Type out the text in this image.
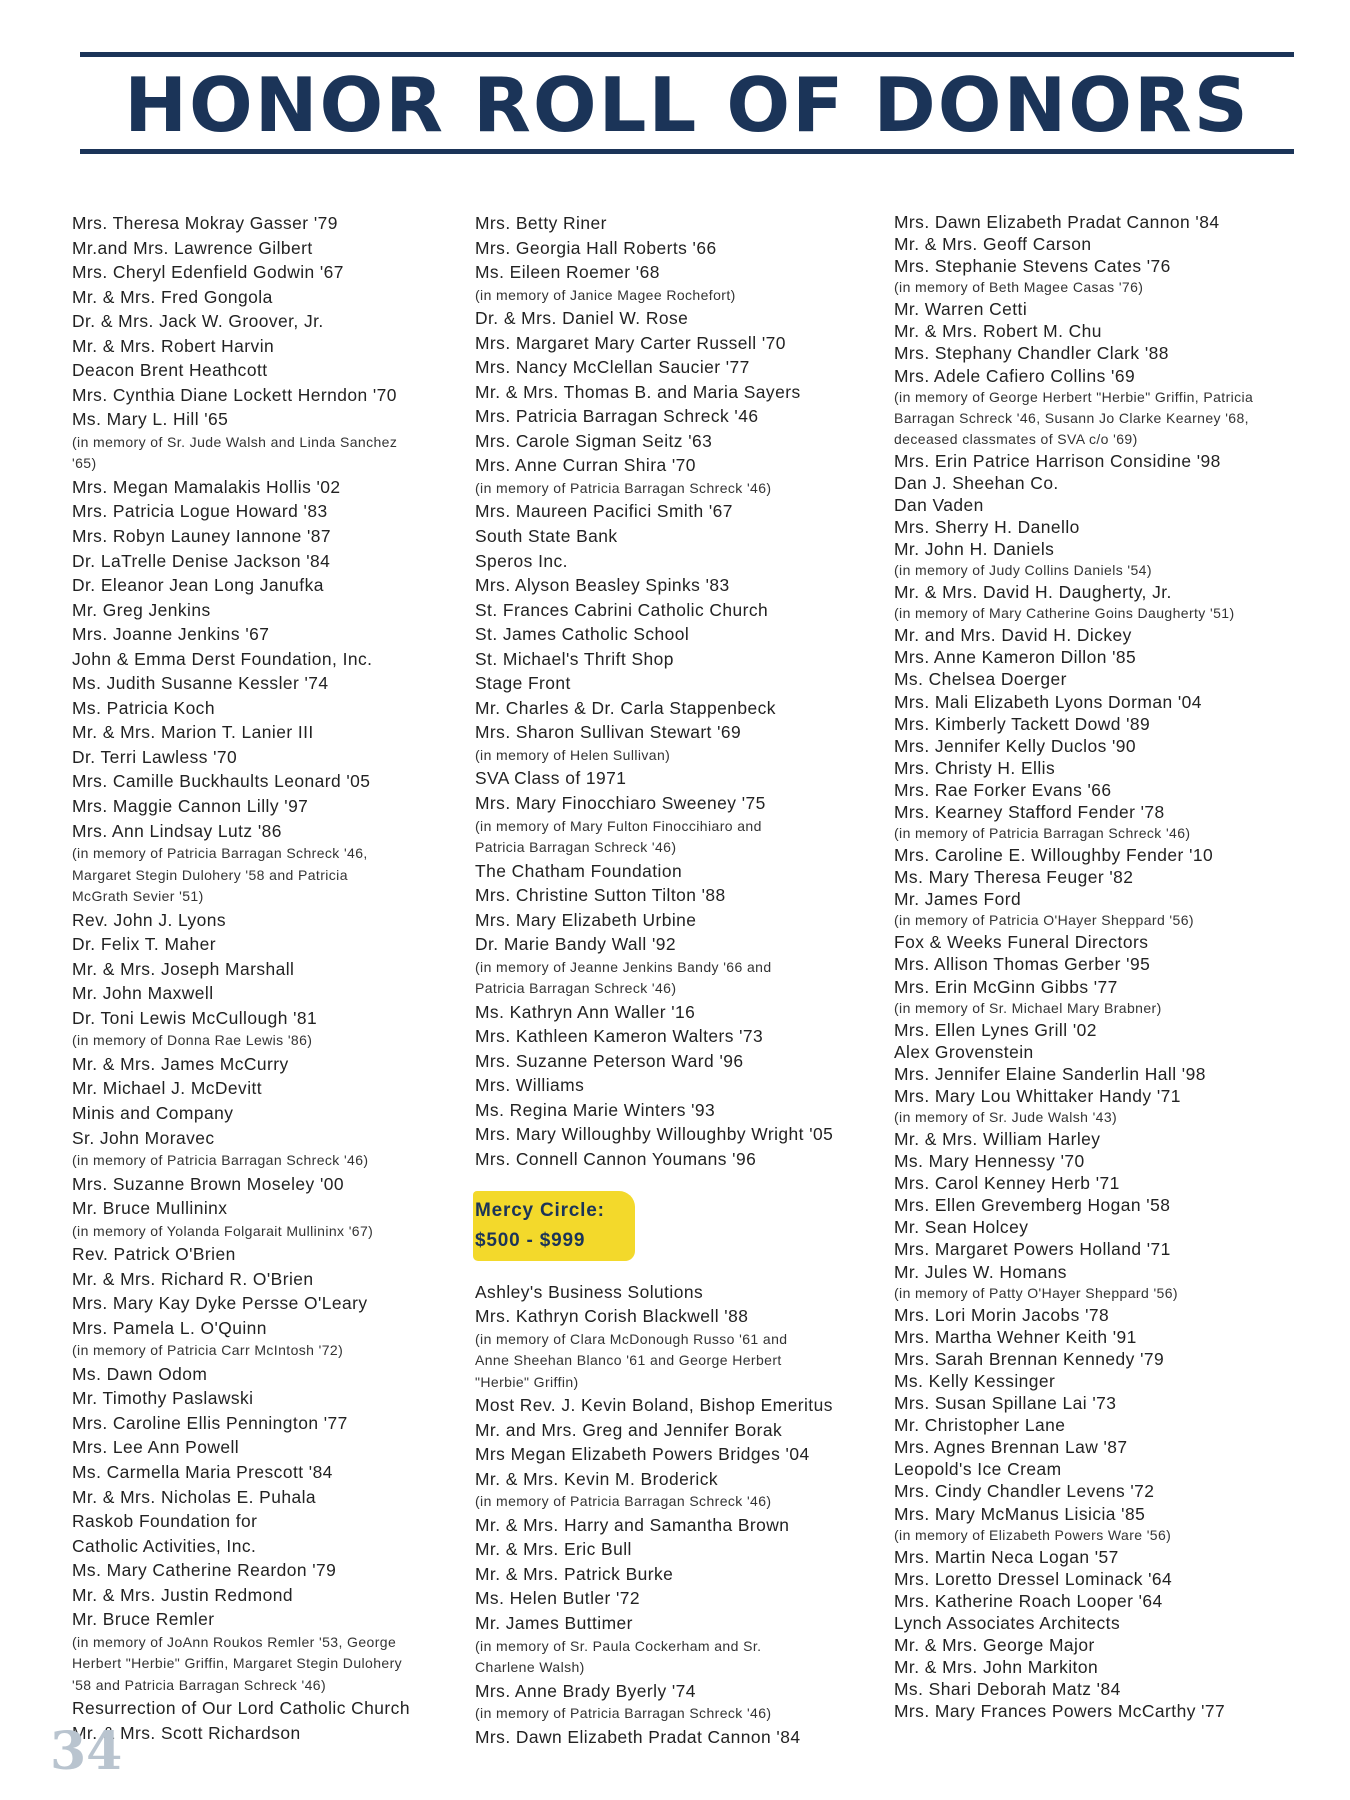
HONOR ROLL OF DONORS
Mrs. Theresa Mokray Gasser '79
Mr.and Mrs. Lawrence Gilbert
Mrs. Cheryl Edenfield Godwin '67
Mr. & Mrs. Fred Gongola
Dr. & Mrs. Jack W. Groover, Jr.
Mr. & Mrs. Robert Harvin
Deacon Brent Heathcott
Mrs. Cynthia Diane Lockett Herndon '70
Ms. Mary L. Hill '65
(in memory of Sr. Jude Walsh and Linda Sanchez
'65)
Mrs. Megan Mamalakis Hollis '02
Mrs. Patricia Logue Howard '83
Mrs. Robyn Launey Iannone '87
Dr. LaTrelle Denise Jackson '84
Dr. Eleanor Jean Long Janufka
Mr. Greg Jenkins
Mrs. Joanne Jenkins '67
John & Emma Derst Foundation, Inc.
Ms. Judith Susanne Kessler '74
Ms. Patricia Koch
Mr. & Mrs. Marion T. Lanier III
Dr. Terri Lawless '70
Mrs. Camille Buckhaults Leonard '05
Mrs. Maggie Cannon Lilly '97
Mrs. Ann Lindsay Lutz '86
(in memory of Patricia Barragan Schreck '46,
Margaret Stegin Dulohery '58 and Patricia
McGrath Sevier '51)
Rev. John J. Lyons
Dr. Felix T. Maher
Mr. & Mrs. Joseph Marshall
Mr. John Maxwell
Dr. Toni Lewis McCullough '81
(in memory of Donna Rae Lewis '86)
Mr. & Mrs. James McCurry
Mr. Michael J. McDevitt
Minis and Company
Sr. John Moravec
(in memory of Patricia Barragan Schreck '46)
Mrs. Suzanne Brown Moseley '00
Mr. Bruce Mullininx
(in memory of Yolanda Folgarait Mullininx '67)
Rev. Patrick O'Brien
Mr. & Mrs. Richard R. O'Brien
Mrs. Mary Kay Dyke Persse O'Leary
Mrs. Pamela L. O'Quinn
(in memory of Patricia Carr McIntosh '72)
Ms. Dawn Odom
Mr. Timothy Paslawski
Mrs. Caroline Ellis Pennington '77
Mrs. Lee Ann Powell
Ms. Carmella Maria Prescott '84
Mr. & Mrs. Nicholas E. Puhala
Raskob Foundation for
Catholic Activities, Inc.
Ms. Mary Catherine Reardon '79
Mr. & Mrs. Justin Redmond
Mr. Bruce Remler
(in memory of JoAnn Roukos Remler '53, George
Herbert "Herbie" Griffin, Margaret Stegin Dulohery
'58 and Patricia Barragan Schreck '46)
Resurrection of Our Lord Catholic Church
Mr. & Mrs. Scott Richardson
Mrs. Betty Riner
Mrs. Georgia Hall Roberts '66
Ms. Eileen Roemer '68
(in memory of Janice Magee Rochefort)
Dr. & Mrs. Daniel W. Rose
Mrs. Margaret Mary Carter Russell '70
Mrs. Nancy McClellan Saucier '77
Mr. & Mrs. Thomas B. and Maria Sayers
Mrs. Patricia Barragan Schreck '46
Mrs. Carole Sigman Seitz '63
Mrs. Anne Curran Shira '70
(in memory of Patricia Barragan Schreck '46)
Mrs. Maureen Pacifici Smith '67
South State Bank
Speros Inc.
Mrs. Alyson Beasley Spinks '83
St. Frances Cabrini Catholic Church
St. James Catholic School
St. Michael's Thrift Shop
Stage Front
Mr. Charles & Dr. Carla Stappenbeck
Mrs. Sharon Sullivan Stewart '69
(in memory of Helen Sullivan)
SVA Class of 1971
Mrs. Mary Finocchiaro Sweeney '75
(in memory of Mary Fulton Finoccihiaro and
Patricia Barragan Schreck '46)
The Chatham Foundation
Mrs. Christine Sutton Tilton '88
Mrs. Mary Elizabeth Urbine
Dr. Marie Bandy Wall '92
(in memory of Jeanne Jenkins Bandy '66 and
Patricia Barragan Schreck '46)
Ms. Kathryn Ann Waller '16
Mrs. Kathleen Kameron Walters '73
Mrs. Suzanne Peterson Ward '96
Mrs. Williams
Ms. Regina Marie Winters '93
Mrs. Mary Willoughby Willoughby Wright '05
Mrs. Connell Cannon Youmans '96
Mercy Circle:
$500 - $999
Ashley's Business Solutions
Mrs. Kathryn Corish Blackwell '88
(in memory of Clara McDonough Russo '61 and
Anne Sheehan Blanco '61 and George Herbert
"Herbie" Griffin)
Most Rev. J. Kevin Boland, Bishop Emeritus
Mr. and Mrs. Greg and Jennifer Borak
Mrs Megan Elizabeth Powers Bridges '04
Mr. & Mrs. Kevin M. Broderick
(in memory of Patricia Barragan Schreck '46)
Mr. & Mrs. Harry and Samantha Brown
Mr. & Mrs. Eric Bull
Mr. & Mrs. Patrick Burke
Ms. Helen Butler '72
Mr. James Buttimer
(in memory of Sr. Paula Cockerham and Sr.
Charlene Walsh)
Mrs. Anne Brady Byerly '74
(in memory of Patricia Barragan Schreck '46)
Mrs. Dawn Elizabeth Pradat Cannon '84
Mrs. Dawn Elizabeth Pradat Cannon '84
Mr. & Mrs. Geoff Carson
Mrs. Stephanie Stevens Cates '76
(in memory of Beth Magee Casas '76)
Mr. Warren Cetti
Mr. & Mrs. Robert M. Chu
Mrs. Stephany Chandler Clark '88
Mrs. Adele Cafiero Collins '69
(in memory of George Herbert "Herbie" Griffin, Patricia
Barragan Schreck '46, Susann Jo Clarke Kearney '68,
deceased classmates of SVA c/o '69)
Mrs. Erin Patrice Harrison Considine '98
Dan J. Sheehan Co.
Dan Vaden
Mrs. Sherry H. Danello
Mr. John H. Daniels
(in memory of Judy Collins Daniels '54)
Mr. & Mrs. David H. Daugherty, Jr.
(in memory of Mary Catherine Goins Daugherty '51)
Mr. and Mrs. David H. Dickey
Mrs. Anne Kameron Dillon '85
Ms. Chelsea Doerger
Mrs. Mali Elizabeth Lyons Dorman '04
Mrs. Kimberly Tackett Dowd '89
Mrs. Jennifer Kelly Duclos '90
Mrs. Christy H. Ellis
Mrs. Rae Forker Evans '66
Mrs. Kearney Stafford Fender '78
(in memory of Patricia Barragan Schreck '46)
Mrs. Caroline E. Willoughby Fender '10
Ms. Mary Theresa Feuger '82
Mr. James Ford
(in memory of Patricia O'Hayer Sheppard '56)
Fox & Weeks Funeral Directors
Mrs. Allison Thomas Gerber '95
Mrs. Erin McGinn Gibbs '77
(in memory of Sr. Michael Mary Brabner)
Mrs. Ellen Lynes Grill '02
Alex Grovenstein
Mrs. Jennifer Elaine Sanderlin Hall '98
Mrs. Mary Lou Whittaker Handy '71
(in memory of Sr. Jude Walsh '43)
Mr. & Mrs. William Harley
Ms. Mary Hennessy '70
Mrs. Carol Kenney Herb '71
Mrs. Ellen Grevemberg Hogan '58
Mr. Sean Holcey
Mrs. Margaret Powers Holland '71
Mr. Jules W. Homans
(in memory of Patty O'Hayer Sheppard '56)
Mrs. Lori Morin Jacobs '78
Mrs. Martha Wehner Keith '91
Mrs. Sarah Brennan Kennedy '79
Ms. Kelly Kessinger
Mrs. Susan Spillane Lai '73
Mr. Christopher Lane
Mrs. Agnes Brennan Law '87
Leopold's Ice Cream
Mrs. Cindy Chandler Levens '72
Mrs. Mary McManus Lisicia '85
(in memory of Elizabeth Powers Ware '56)
Mrs. Martin Neca Logan '57
Mrs. Loretto Dressel Lominack '64
Mrs. Katherine Roach Looper '64
Lynch Associates Architects
Mr. & Mrs. George Major
Mr. & Mrs. John Markiton
Ms. Shari Deborah Matz '84
Mrs. Mary Frances Powers McCarthy '77
34
